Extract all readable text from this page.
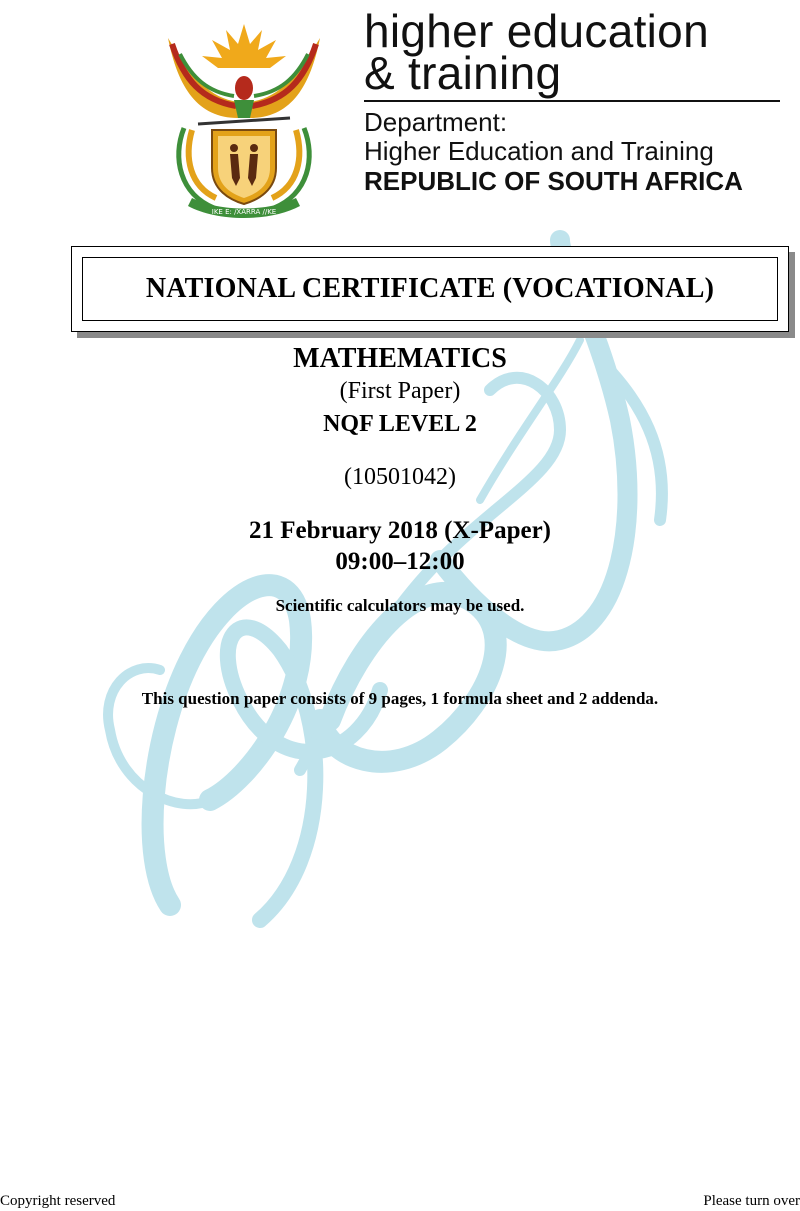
IKE E: /XARRA //KE
higher education
& training
Department:
Higher Education and Training
REPUBLIC OF SOUTH AFRICA
NATIONAL CERTIFICATE (VOCATIONAL)
MATHEMATICS
(First Paper)
NQF LEVEL 2
(10501042)
21 February 2018 (X-Paper)
09:00–12:00
Scientific calculators may be used.
This question paper consists of 9 pages, 1 formula sheet and 2 addenda.
Copyright reserved	Please turn over
